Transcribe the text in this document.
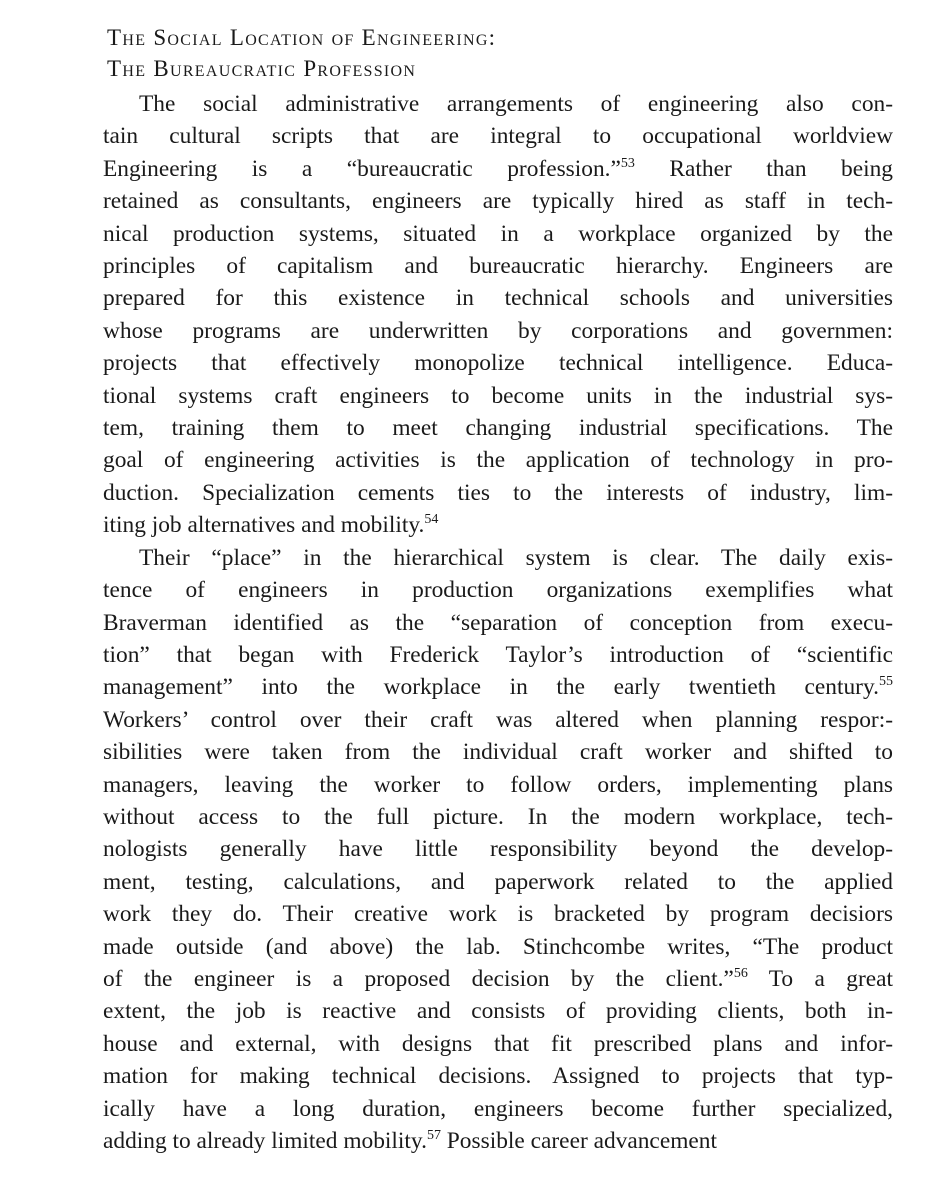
The Social Location of Engineering:
The Bureaucratic Profession

The social administrative arrangements of engineering also con-
tain cultural scripts that are integral to occupational worldview
Engineering is a “bureaucratic profession.”$^{53}$ Rather than being
retained as consultants, engineers are typically hired as staff in tech-
nical production systems, situated in a workplace organized by the
principles of capitalism and bureaucratic hierarchy. Engineers are
prepared for this existence in technical schools and universities
whose programs are underwritten by corporations and governmen:
projects that effectively monopolize technical intelligence. Educa-
tional systems craft engineers to become units in the industrial sys-
tem, training them to meet changing industrial specifications. The
goal of engineering activities is the application of technology in pro-
duction. Specialization cements ties to the interests of industry, lim-
iting job alternatives and mobility.$^{54}$

Their “place” in the hierarchical system is clear. The daily exis-
tence of engineers in production organizations exemplifies what
Braverman identified as the “separation of conception from execu-
tion” that began with Frederick Taylor’s introduction of “scientific
management” into the workplace in the early twentieth century.$^{55}$
Workers’ control over their craft was altered when planning respor:-
sibilities were taken from the individual craft worker and shifted to
managers, leaving the worker to follow orders, implementing plans
without access to the full picture. In the modern workplace, tech-
nologists generally have little responsibility beyond the develop-
ment, testing, calculations, and paperwork related to the applied
work they do. Their creative work is bracketed by program decisiors
made outside (and above) the lab. Stinchcombe writes, “The product
of the engineer is a proposed decision by the client.”$^{56}$ To a great
extent, the job is reactive and consists of providing clients, both in-
house and external, with designs that fit prescribed plans and infor-
mation for making technical decisions. Assigned to projects that typ-
ically have a long duration, engineers become further specialized,
adding to already limited mobility.$^{57}$ Possible career advancement
